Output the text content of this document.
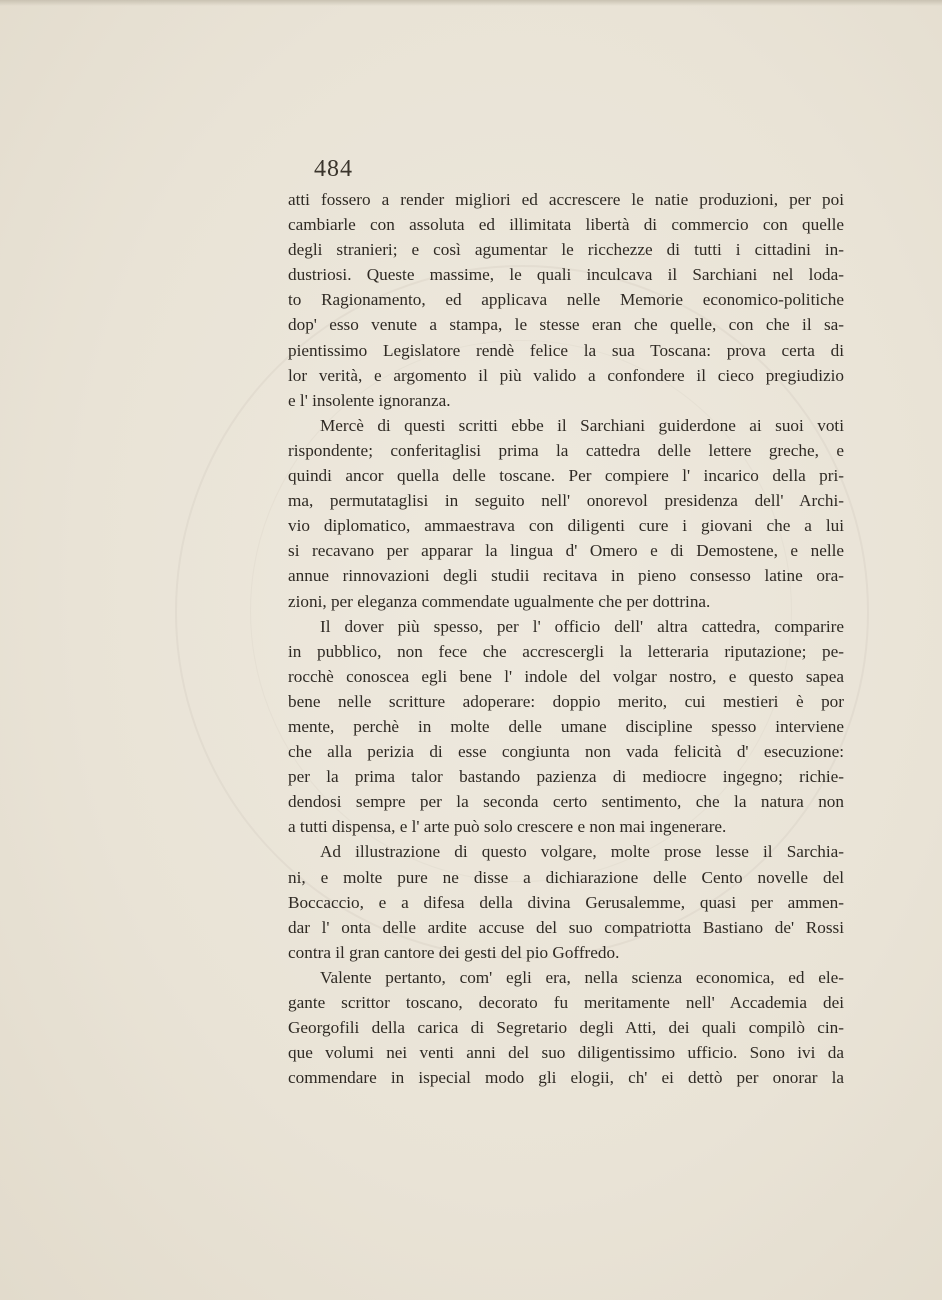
484
atti fossero a render migliori ed accrescere le natie produzioni, per poi
cambiarle con assoluta ed illimitata libertà di commercio con quelle
degli stranieri; e così agumentar le ricchezze di tutti i cittadini in-
dustriosi. Queste massime, le quali inculcava il Sarchiani nel loda-
to Ragionamento, ed applicava nelle Memorie economico-politiche
dop' esso venute a stampa, le stesse eran che quelle, con che il sa-
pientissimo Legislatore rendè felice la sua Toscana: prova certa di
lor verità, e argomento il più valido a confondere il cieco pregiudizio
e l' insolente ignoranza.
Mercè di questi scritti ebbe il Sarchiani guiderdone ai suoi voti
rispondente; conferitaglisi prima la cattedra delle lettere greche, e
quindi ancor quella delle toscane. Per compiere l' incarico della pri-
ma, permutataglisi in seguito nell' onorevol presidenza dell' Archi-
vio diplomatico, ammaestrava con diligenti cure i giovani che a lui
si recavano per apparar la lingua d' Omero e di Demostene, e nelle
annue rinnovazioni degli studii recitava in pieno consesso latine ora-
zioni, per eleganza commendate ugualmente che per dottrina.
Il dover più spesso, per l' officio dell' altra cattedra, comparire
in pubblico, non fece che accrescergli la letteraria riputazione; pe-
rocchè conoscea egli bene l' indole del volgar nostro, e questo sapea
bene nelle scritture adoperare: doppio merito, cui mestieri è por
mente, perchè in molte delle umane discipline spesso interviene
che alla perizia di esse congiunta non vada felicità d' esecuzione:
per la prima talor bastando pazienza di mediocre ingegno; richie-
dendosi sempre per la seconda certo sentimento, che la natura non
a tutti dispensa, e l' arte può solo crescere e non mai ingenerare.
Ad illustrazione di questo volgare, molte prose lesse il Sarchia-
ni, e molte pure ne disse a dichiarazione delle Cento novelle del
Boccaccio, e a difesa della divina Gerusalemme, quasi per ammen-
dar l' onta delle ardite accuse del suo compatriotta Bastiano de' Rossi
contra il gran cantore dei gesti del pio Goffredo.
Valente pertanto, com' egli era, nella scienza economica, ed ele-
gante scrittor toscano, decorato fu meritamente nell' Accademia dei
Georgofili della carica di Segretario degli Atti, dei quali compilò cin-
que volumi nei venti anni del suo diligentissimo ufficio. Sono ivi da
commendare in ispecial modo gli elogii, ch' ei dettò per onorar la
